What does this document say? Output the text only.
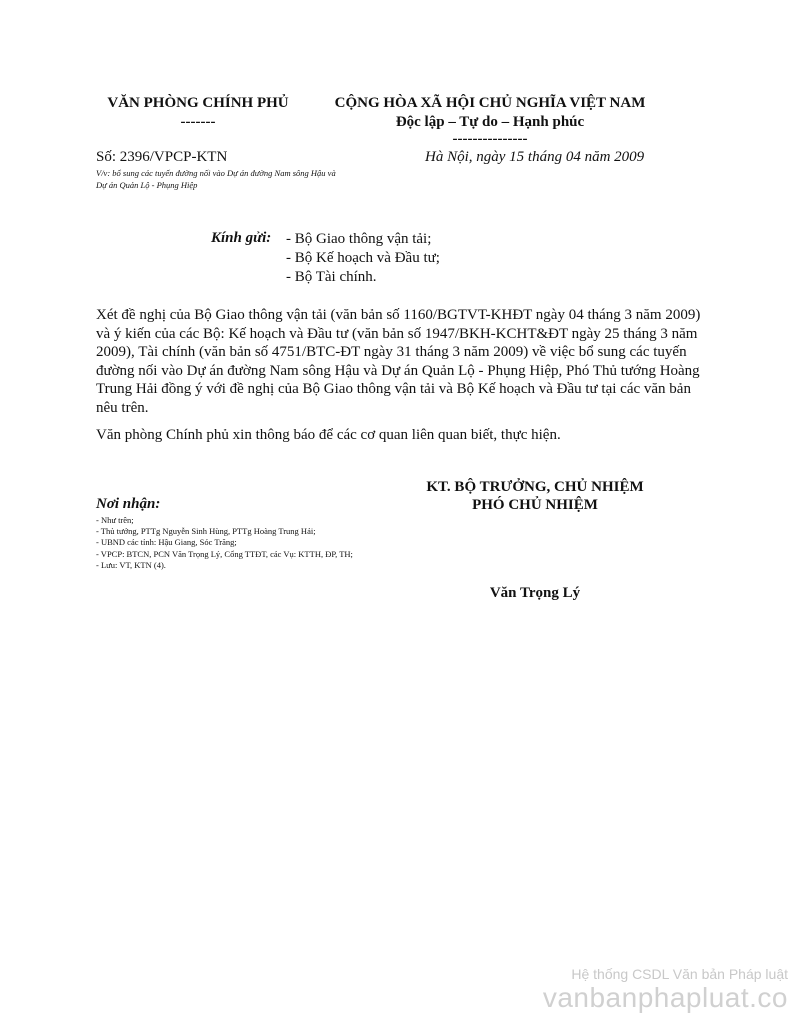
VĂN PHÒNG CHÍNH PHỦ
-------
CỘNG HÒA XÃ HỘI CHỦ NGHĨA VIỆT NAM
Độc lập – Tự do – Hạnh phúc
---------------
Số: 2396/VPCP-KTN	Hà Nội, ngày 15 tháng 04 năm 2009
V/v: bổ sung các tuyến đường nối vào Dự án đường Nam sông Hậu và Dự án Quản Lộ - Phụng Hiệp
Kính gửi: - Bộ Giao thông vận tải;
- Bộ Kế hoạch và Đầu tư;
- Bộ Tài chính.

Xét đề nghị của Bộ Giao thông vận tải (văn bản số 1160/BGTVT-KHĐT ngày 04 tháng 3 năm 2009) và ý kiến của các Bộ: Kế hoạch và Đầu tư (văn bản số 1947/BKH-KCHT&ĐT ngày 25 tháng 3 năm 2009), Tài chính (văn bản số 4751/BTC-ĐT ngày 31 tháng 3 năm 2009) về việc bổ sung các tuyến đường nối vào Dự án đường Nam sông Hậu và Dự án Quản Lộ - Phụng Hiệp, Phó Thủ tướng Hoàng Trung Hải đồng ý với đề nghị của Bộ Giao thông vận tải và Bộ Kế hoạch và Đầu tư tại các văn bản nêu trên.

Văn phòng Chính phủ xin thông báo để các cơ quan liên quan biết, thực hiện.

KT. BỘ TRƯỞNG, CHỦ NHIỆM
PHÓ CHỦ NHIỆM
Văn Trọng Lý
Nơi nhận:
- Như trên;
- Thủ tướng, PTTg Nguyễn Sinh Hùng, PTTg Hoàng Trung Hải;
- UBND các tỉnh: Hậu Giang, Sóc Trăng;
- VPCP: BTCN, PCN Văn Trọng Lý, Cổng TTĐT, các Vụ: KTTH, ĐP, TH;
- Lưu: VT, KTN (4).
Hệ thống CSDL Văn bản Pháp luật
vanbanphapluat.co
